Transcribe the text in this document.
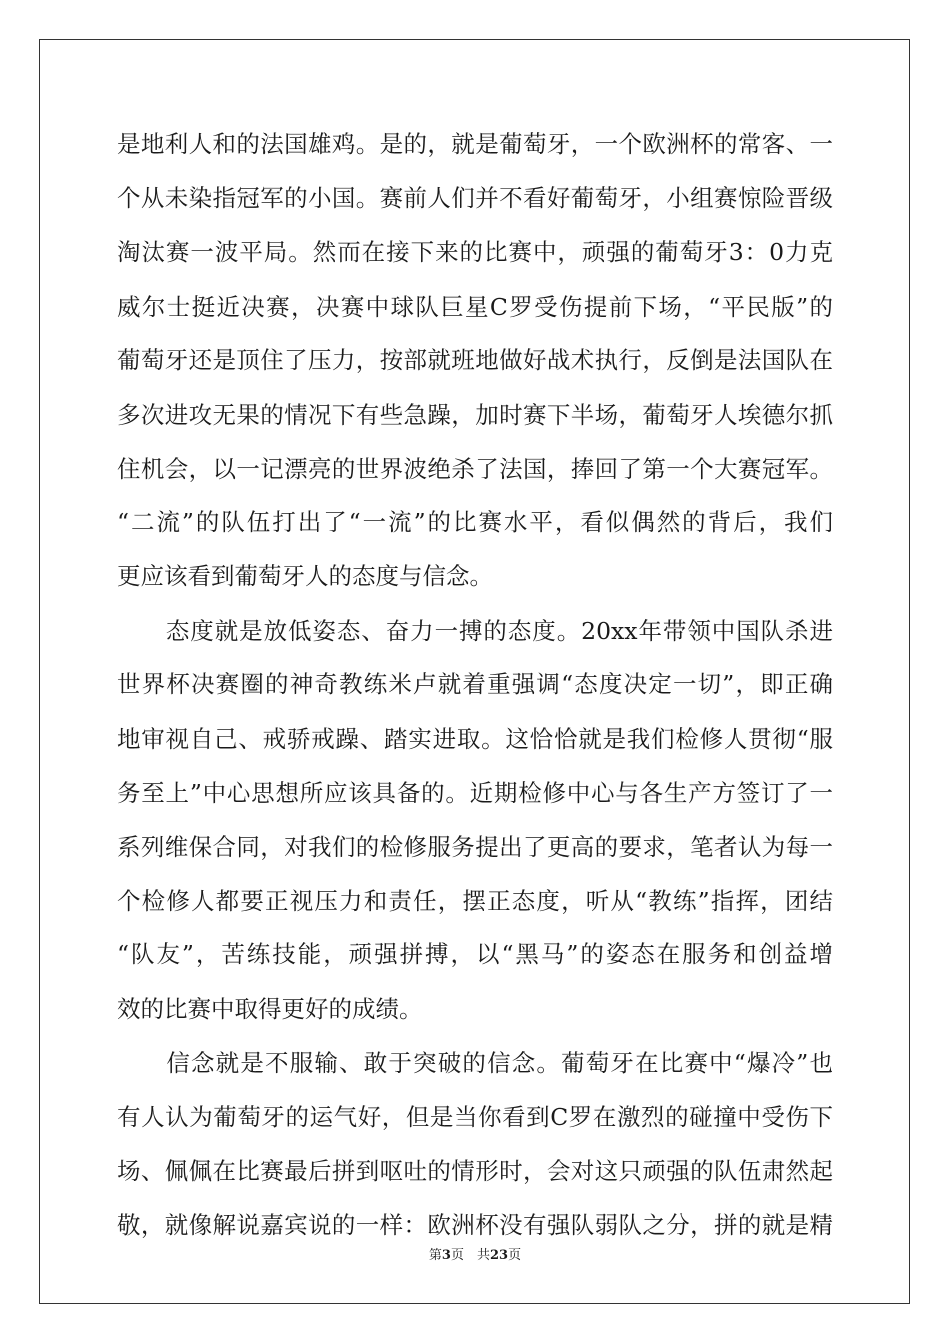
是地利人和的法国雄鸡。是的，就是葡萄牙，一个欧洲杯的常客、一
个从未染指冠军的小国。赛前人们并不看好葡萄牙，小组赛惊险晋级
淘汰赛一波平局。然而在接下来的比赛中，顽强的葡萄牙3：0力克
威尔士挺近决赛，决赛中球队巨星C罗受伤提前下场，“平民版”的
葡萄牙还是顶住了压力，按部就班地做好战术执行，反倒是法国队在
多次进攻无果的情况下有些急躁，加时赛下半场，葡萄牙人埃德尔抓
住机会，以一记漂亮的世界波绝杀了法国，捧回了第一个大赛冠军。
“二流”的队伍打出了“一流”的比赛水平，看似偶然的背后，我们
更应该看到葡萄牙人的态度与信念。
　　态度就是放低姿态、奋力一搏的态度。20xx年带领中国队杀进
世界杯决赛圈的神奇教练米卢就着重强调“态度决定一切”，即正确
地审视自己、戒骄戒躁、踏实进取。这恰恰就是我们检修人贯彻“服
务至上”中心思想所应该具备的。近期检修中心与各生产方签订了一
系列维保合同，对我们的检修服务提出了更高的要求，笔者认为每一
个检修人都要正视压力和责任，摆正态度，听从“教练”指挥，团结
“队友”，苦练技能，顽强拼搏，以“黑马”的姿态在服务和创益增
效的比赛中取得更好的成绩。
　　信念就是不服输、敢于突破的信念。葡萄牙在比赛中“爆冷”也
有人认为葡萄牙的运气好，但是当你看到C罗在激烈的碰撞中受伤下
场、佩佩在比赛最后拼到呕吐的情形时，会对这只顽强的队伍肃然起
敬，就像解说嘉宾说的一样：欧洲杯没有强队弱队之分，拼的就是精
第3页　共23页
